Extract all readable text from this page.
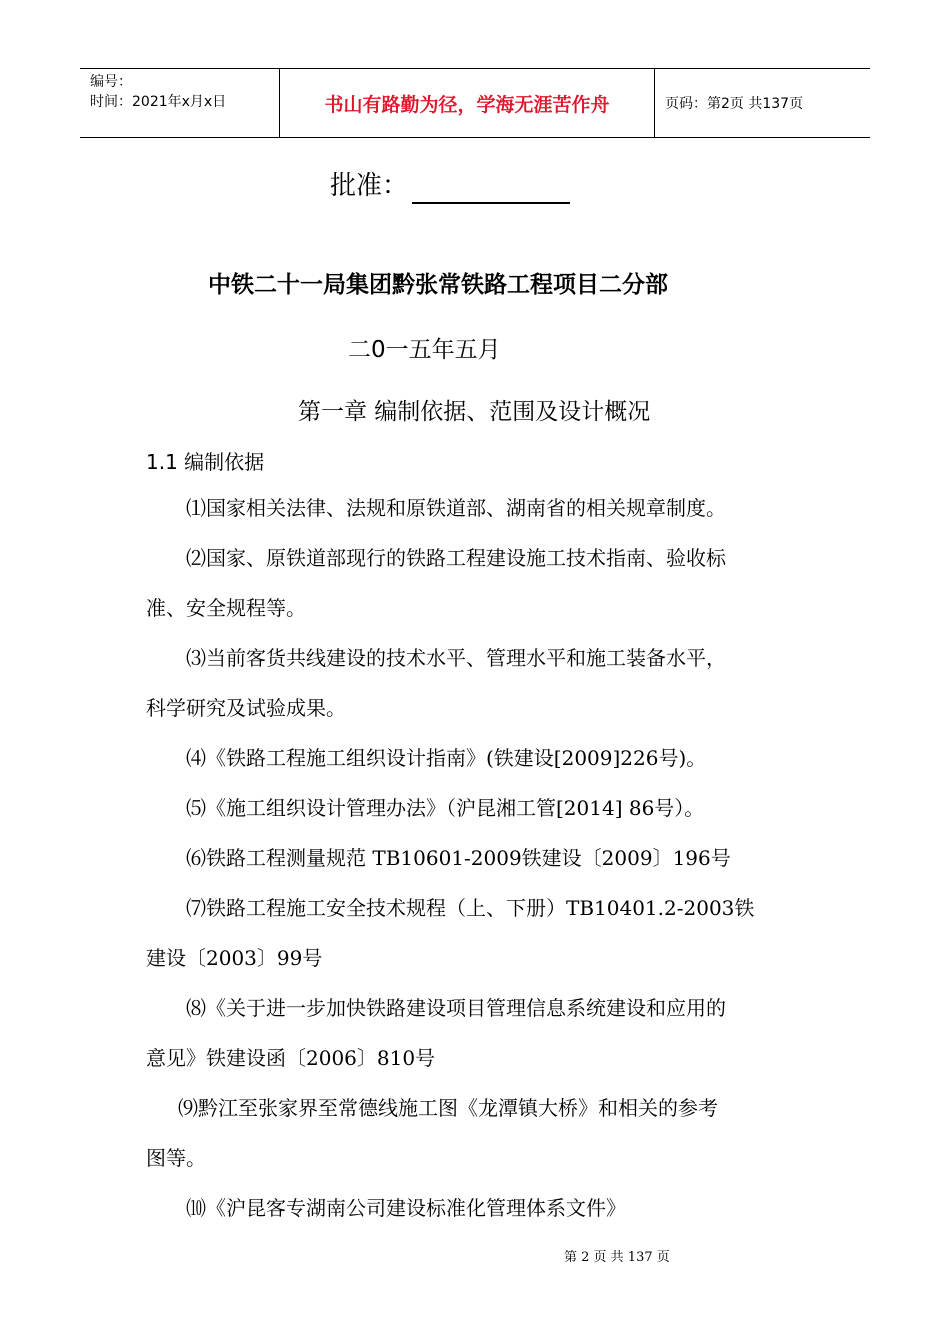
编号：
时间：2021年x月x日	书山有路勤为径，学海无涯苦作舟	页码：第2页 共137页
批准：
中铁二十一局集团黔张常铁路工程项目二分部
二0一五年五月
第一章 编制依据、范围及设计概况
1.1 编制依据
⑴国家相关法律、法规和原铁道部、湖南省的相关规章制度。
⑵国家、原铁道部现行的铁路工程建设施工技术指南、验收标
准、安全规程等。
⑶当前客货共线建设的技术水平、管理水平和施工装备水平，
科学研究及试验成果。
⑷《铁路工程施工组织设计指南》(铁建设[2009]226号)。
⑸《施工组织设计管理办法》（沪昆湘工管[2014] 86号）。
⑹铁路工程测量规范 TB10601-2009铁建设〔2009〕196号
⑺铁路工程施工安全技术规程（上、下册）TB10401.2-2003铁
建设〔2003〕99号
⑻《关于进一步加快铁路建设项目管理信息系统建设和应用的
意见》铁建设函〔2006〕810号
⑼黔江至张家界至常德线施工图《龙潭镇大桥》和相关的参考
图等。
⑽《沪昆客专湖南公司建设标准化管理体系文件》
第 2 页 共 137 页
